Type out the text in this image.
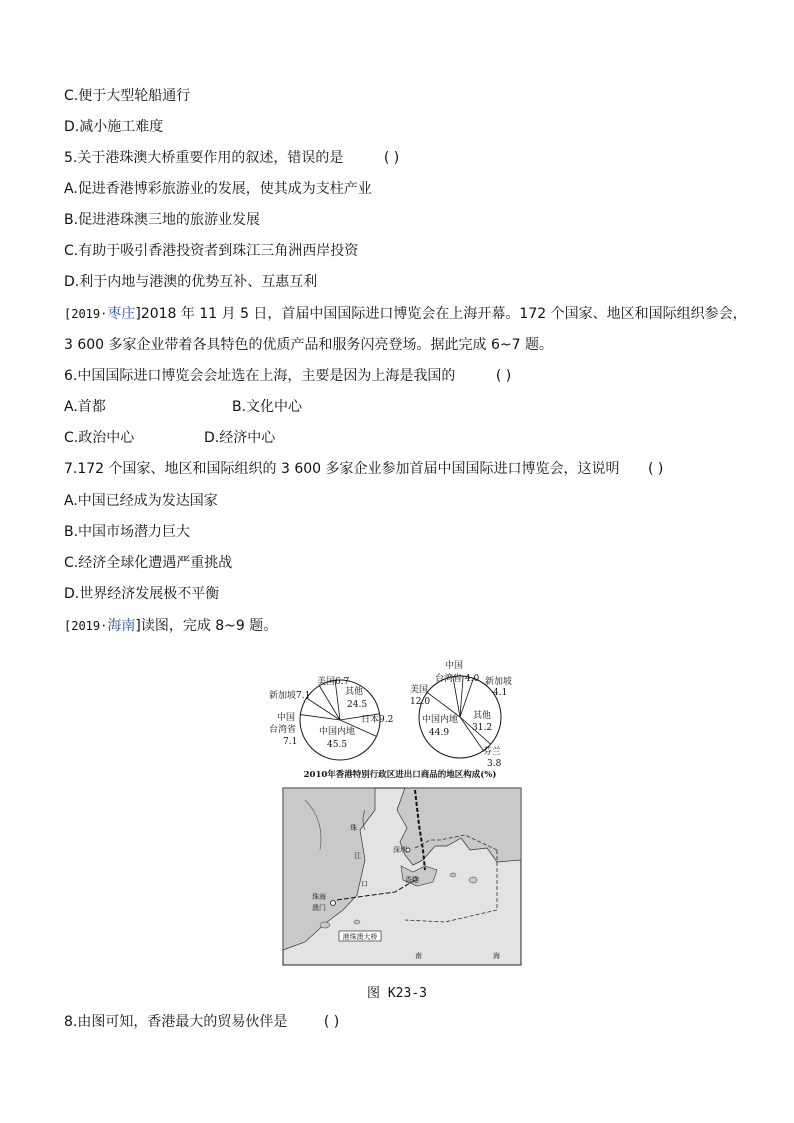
C.便于大型轮船通行
D.减小施工难度
5.关于港珠澳大桥重要作用的叙述，错误的是	( )
A.促进香港博彩旅游业的发展，使其成为支柱产业
B.促进港珠澳三地的旅游业发展
C.有助于吸引香港投资者到珠江三角洲西岸投资
D.利于内地与港澳的优势互补、互惠互利
[2019·枣庄]2018 年 11 月 5 日，首届中国国际进口博览会在上海开幕。172 个国家、地区和国际组织参会，
3 600 多家企业带着各具特色的优质产品和服务闪亮登场。据此完成 6~7 题。
6.中国国际进口博览会会址选在上海，主要是因为上海是我国的	( )
A.首都	B.文化中心
C.政治中心	D.经济中心
7.172 个国家、地区和国际组织的 3 600 多家企业参加首届中国国际进口博览会，这说明 ( )
A.中国已经成为发达国家
B.中国市场潜力巨大
C.经济全球化遭遇严重挑战
D.世界经济发展极不平衡
[2019·海南]读图，完成 8~9 题。
8.由图可知，香港最大的贸易伙伴是	( )
美国6.7
新加坡7.1
中国
台湾省
7.1
其他
24.5
日本9.2
中国内地
45.5
中国
台湾省 4.0 新加坡
4.1
美国
12.0
中国内地
44.9
其他
31.2
芬兰
3.8
2010年香港特别行政区进出口商品的地区构成(%)
港珠澳大桥
珠
江
口
深圳
香港
珠海
澳门
南	海
图 K23-3
